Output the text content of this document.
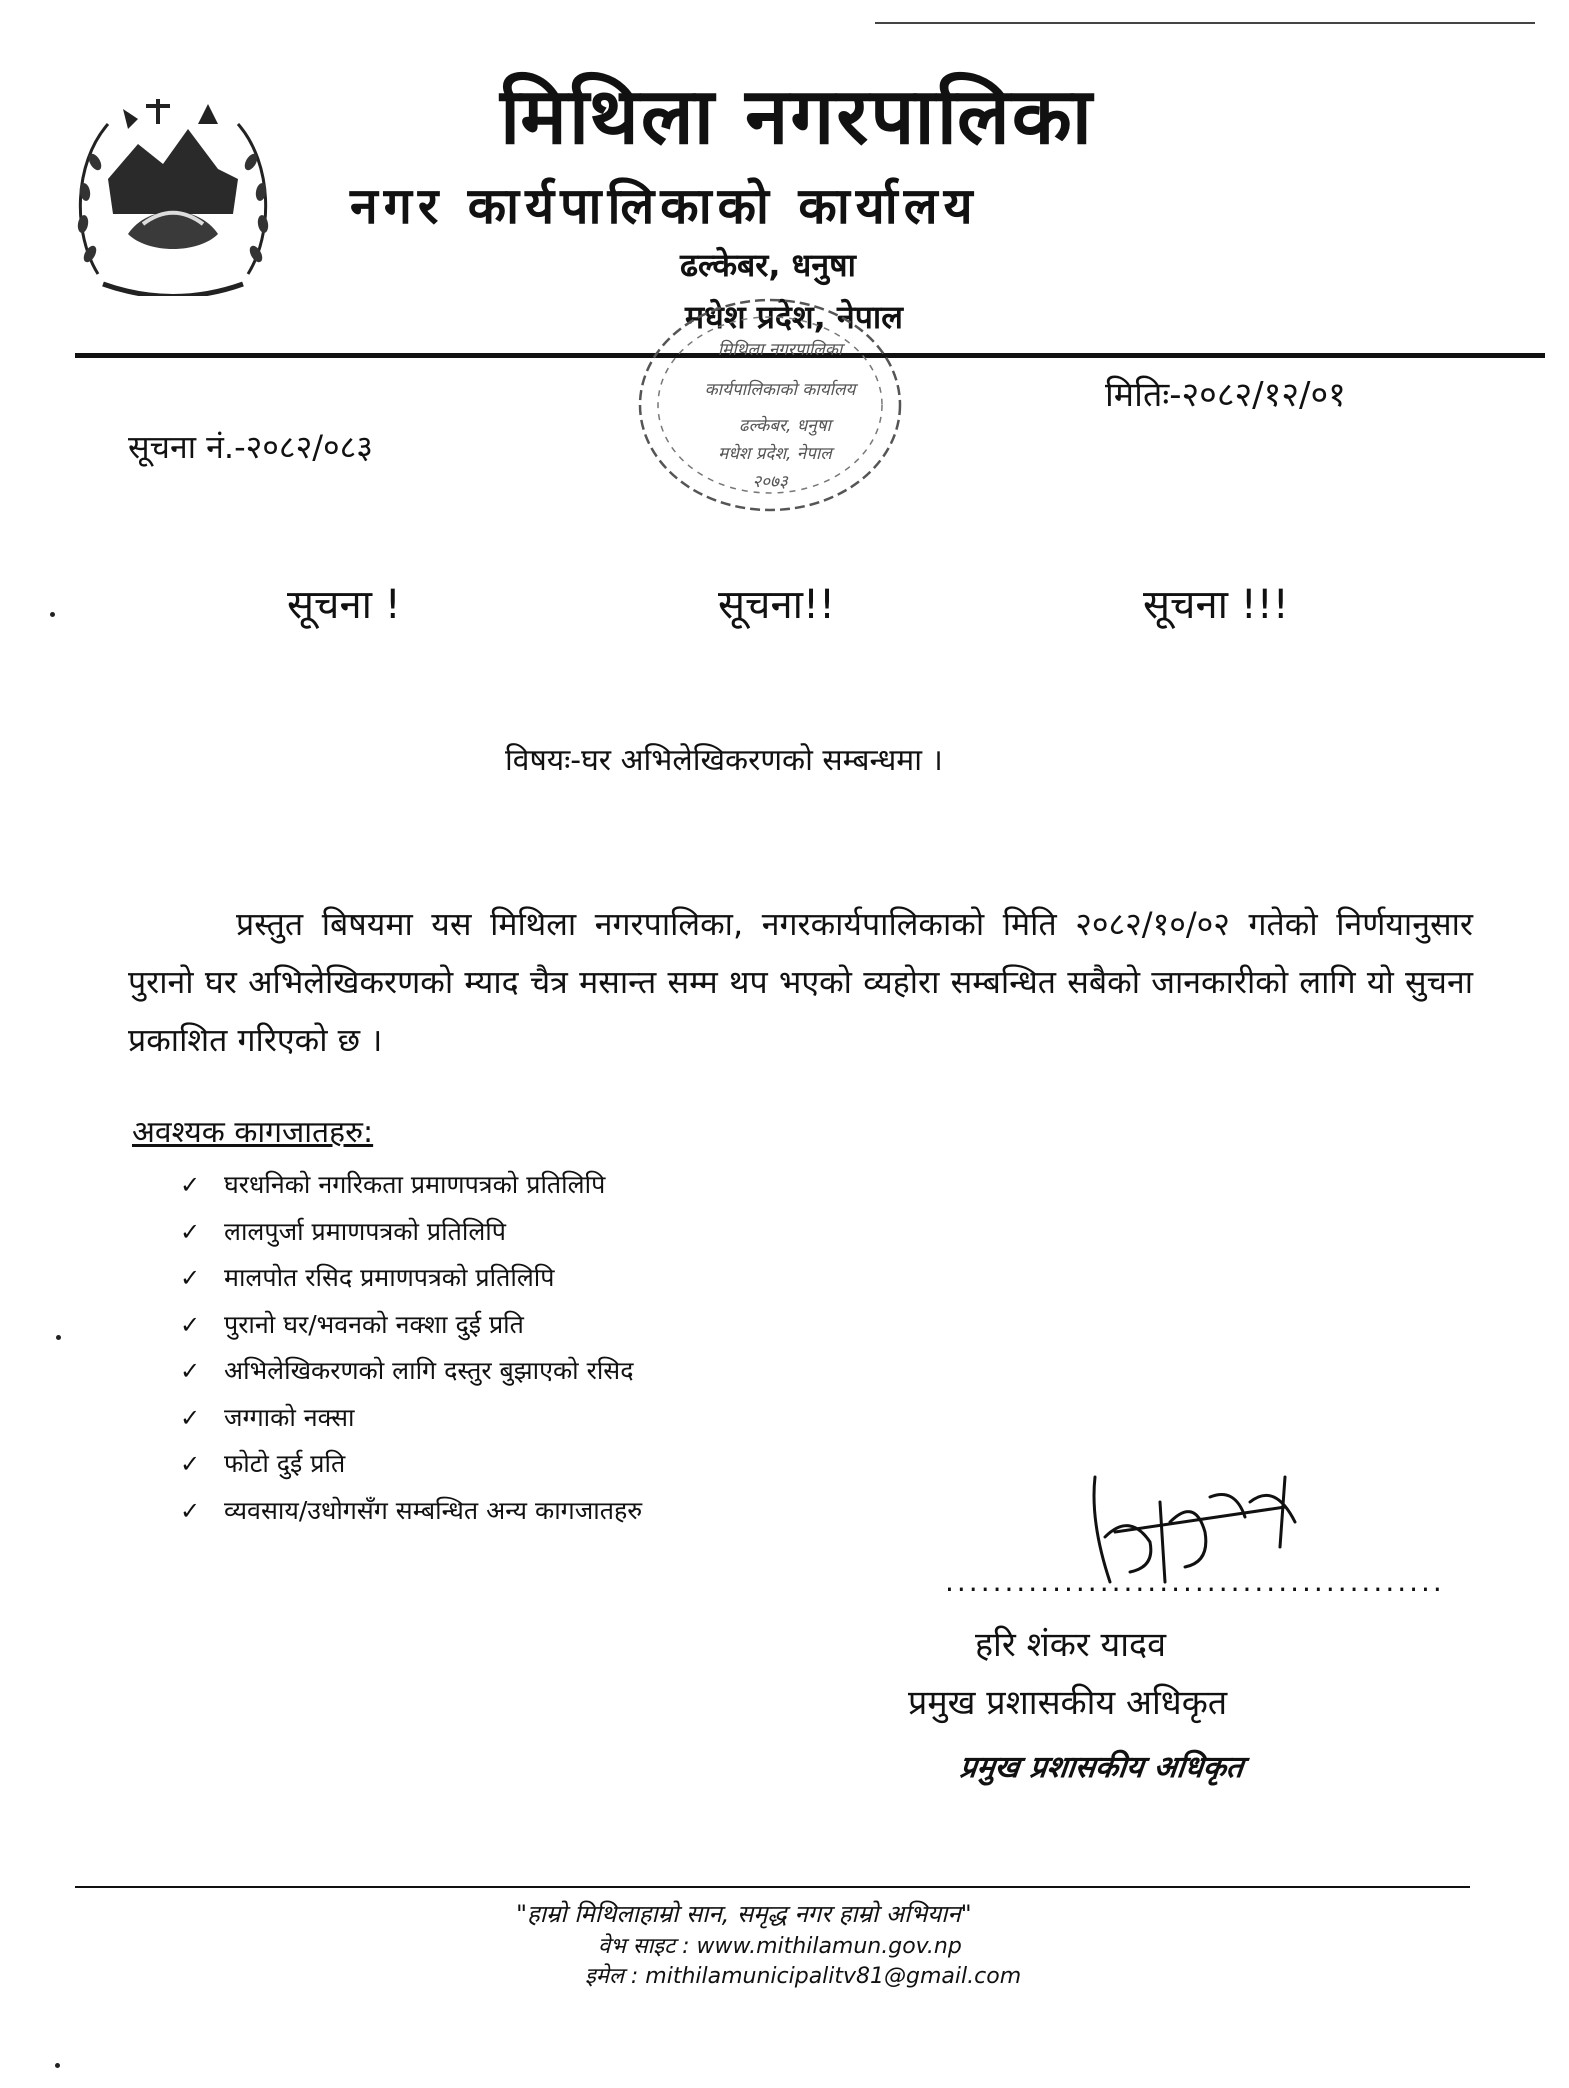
मिथिला नगरपालिका
नगर कार्यपालिकाको कार्यालय
ढल्केबर, धनुषा
मधेश प्रदेश, नेपाल
मिथिला नगरपालिका
कार्यपालिकाको कार्यालय
ढल्केबर, धनुषा
मधेश प्रदेश, नेपाल
२०७३
मितिः-२०८२/१२/०१
सूचना नं.-२०८२/०८३
सूचना !	सूचना!!	सूचना !!!
विषयः-घर अभिलेखिकरणको सम्बन्धमा ।
प्रस्तुत बिषयमा यस मिथिला नगरपालिका, नगरकार्यपालिकाको मिति २०८२/१०/०२ गतेको निर्णयानुसार पुरानो घर अभिलेखिकरणको म्याद चैत्र मसान्त सम्म थप भएको व्यहोरा सम्बन्धित सबैको जानकारीको लागि यो सुचना प्रकाशित गरिएको छ ।
अवश्यक कागजातहरु:
✓ घरधनिको नगरिकता प्रमाणपत्रको प्रतिलिपि
✓ लालपुर्जा प्रमाणपत्रको प्रतिलिपि
✓ मालपोत रसिद प्रमाणपत्रको प्रतिलिपि
✓ पुरानो घर/भवनको नक्शा दुई प्रति
✓ अभिलेखिकरणको लागि दस्तुर बुझाएको रसिद
✓ जग्गाको नक्सा
✓ फोटो दुई प्रति
✓ व्यवसाय/उधोगसँग सम्बन्धित अन्य कागजातहरु
..........................................
हरि शंकर यादव
प्रमुख प्रशासकीय अधिकृत
प्रमुख प्रशासकीय अधिकृत
"हाम्रो मिथिलाहाम्रो सान, समृद्ध नगर हाम्रो अभियान"
वेभ साइट : www.mithilamun.gov.np
इमेल : mithilamunicipalitv81@gmail.com
